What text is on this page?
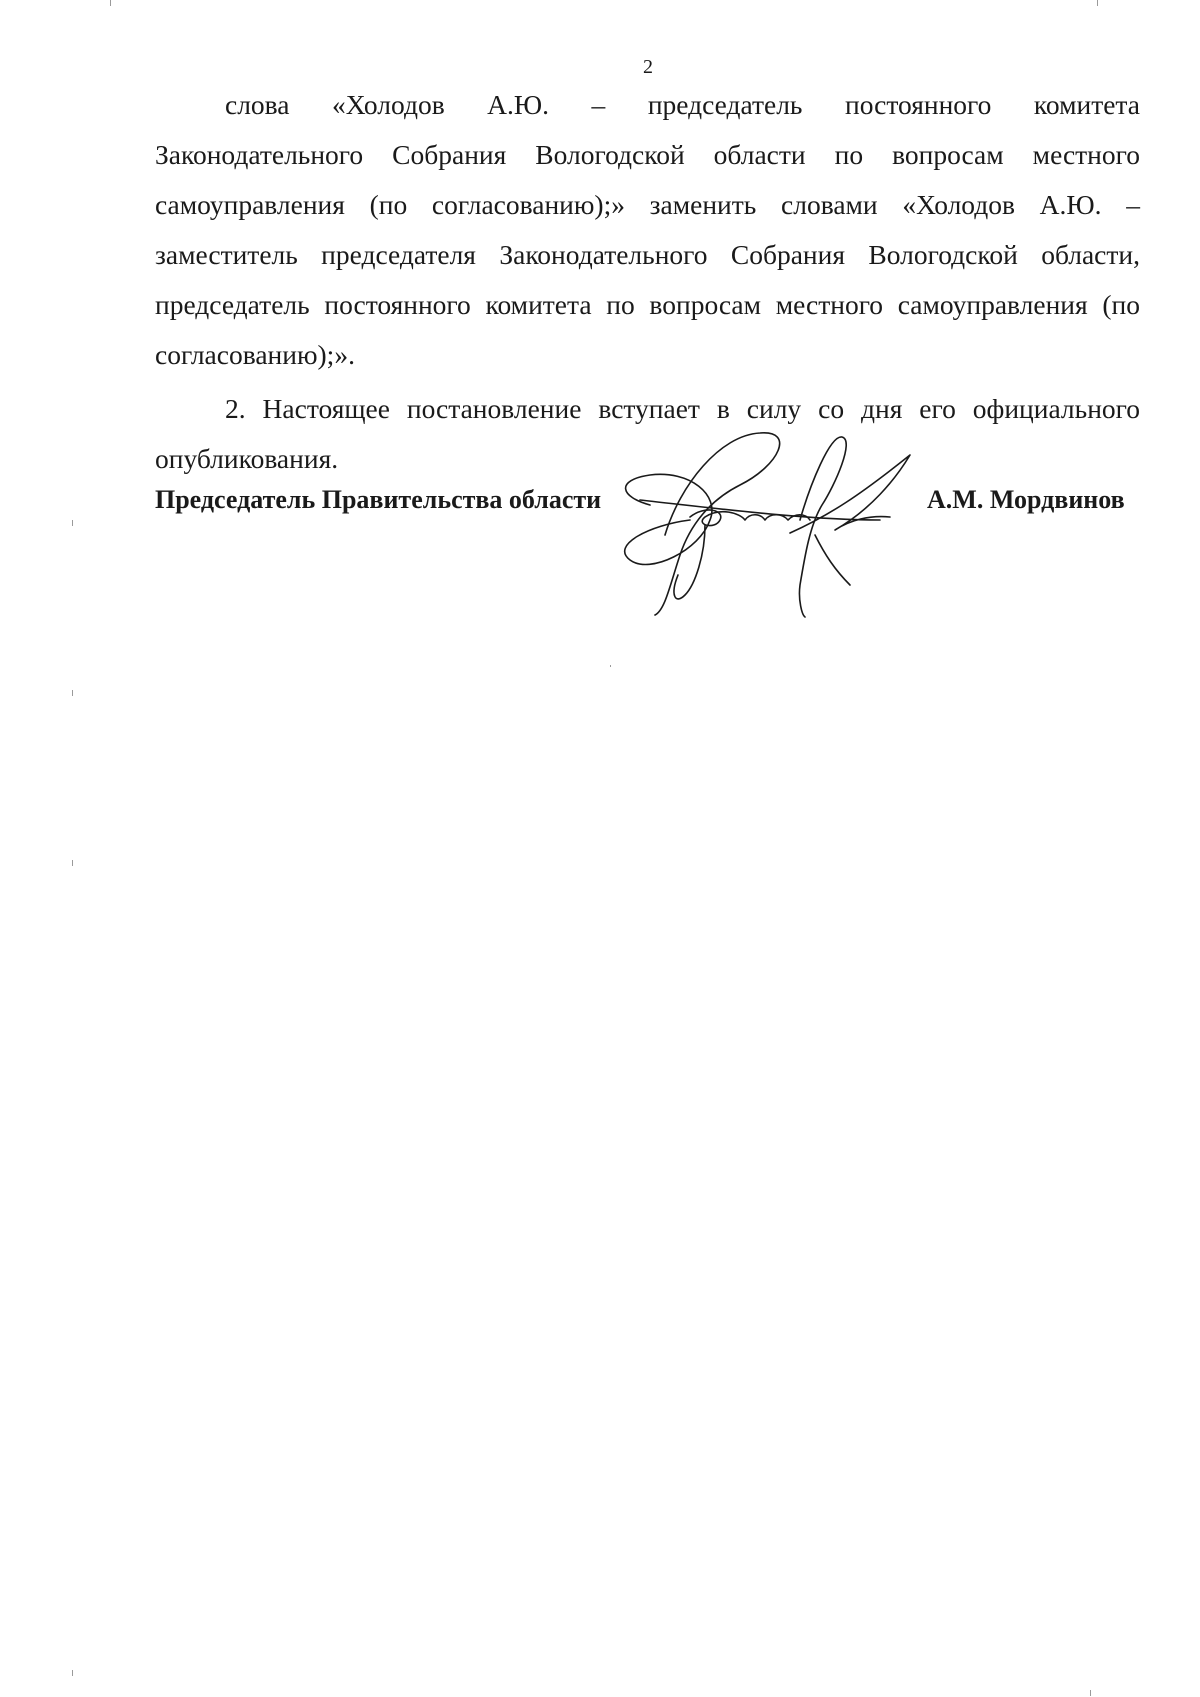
2

слова «Холодов А.Ю. – председатель постоянного комитета Законодательного Собрания Вологодской области по вопросам местного самоуправления (по согласованию);» заменить словами «Холодов А.Ю. – заместитель председателя Законодательного Собрания Вологодской области, председатель постоянного комитета по вопросам местного самоуправления (по согласованию);».

2. Настоящее постановление вступает в силу со дня его официального опубликования.

Председатель Правительства области	А.М. Мордвинов
